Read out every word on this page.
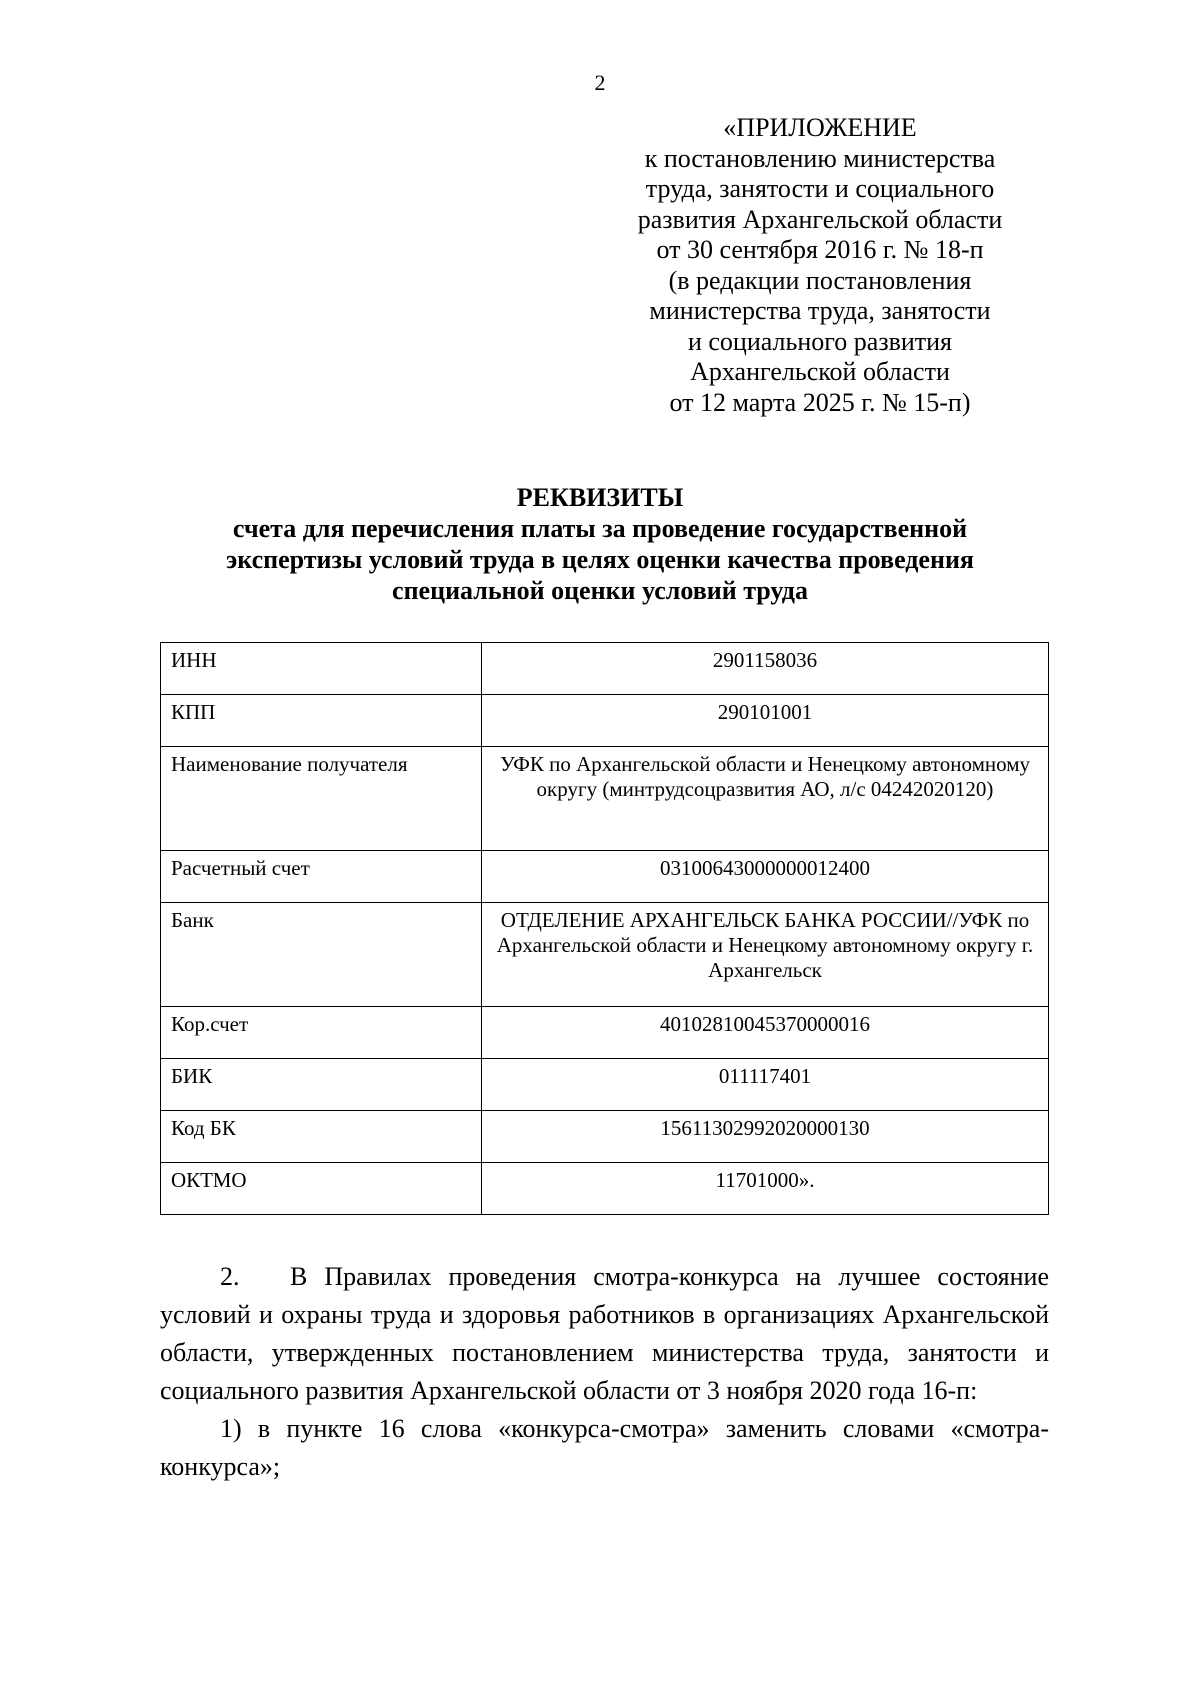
2
«ПРИЛОЖЕНИЕ
к постановлению министерства
труда, занятости и социального
развития Архангельской области
от 30 сентября 2016 г. № 18-п
(в редакции постановления
министерства труда, занятости
и социального развития
Архангельской области
от 12 марта 2025 г. № 15-п)
РЕКВИЗИТЫ
счета для перечисления платы за проведение государственной
экспертизы условий труда в целях оценки качества проведения
специальной оценки условий труда
ИНН	2901158036
КПП	290101001
Наименование получателя	УФК по Архангельской области и Ненецкому автономному округу (минтрудсоцразвития АО, л/с 04242020120)
Расчетный счет	03100643000000012400
Банк	ОТДЕЛЕНИЕ АРХАНГЕЛЬСК БАНКА РОССИИ//УФК по Архангельской области и Ненецкому автономному округу г. Архангельск
Кор.счет	40102810045370000016
БИК	011117401
Код БК	15611302992020000130
ОКТМО	11701000».

2. В Правилах проведения смотра-конкурса на лучшее состояние условий и охраны труда и здоровья работников в организациях Архангельской области, утвержденных постановлением министерства труда, занятости и социального развития Архангельской области от 3 ноября 2020 года 16-п:

1) в пункте 16 слова «конкурса-смотра» заменить словами «смотра-конкурса»;
